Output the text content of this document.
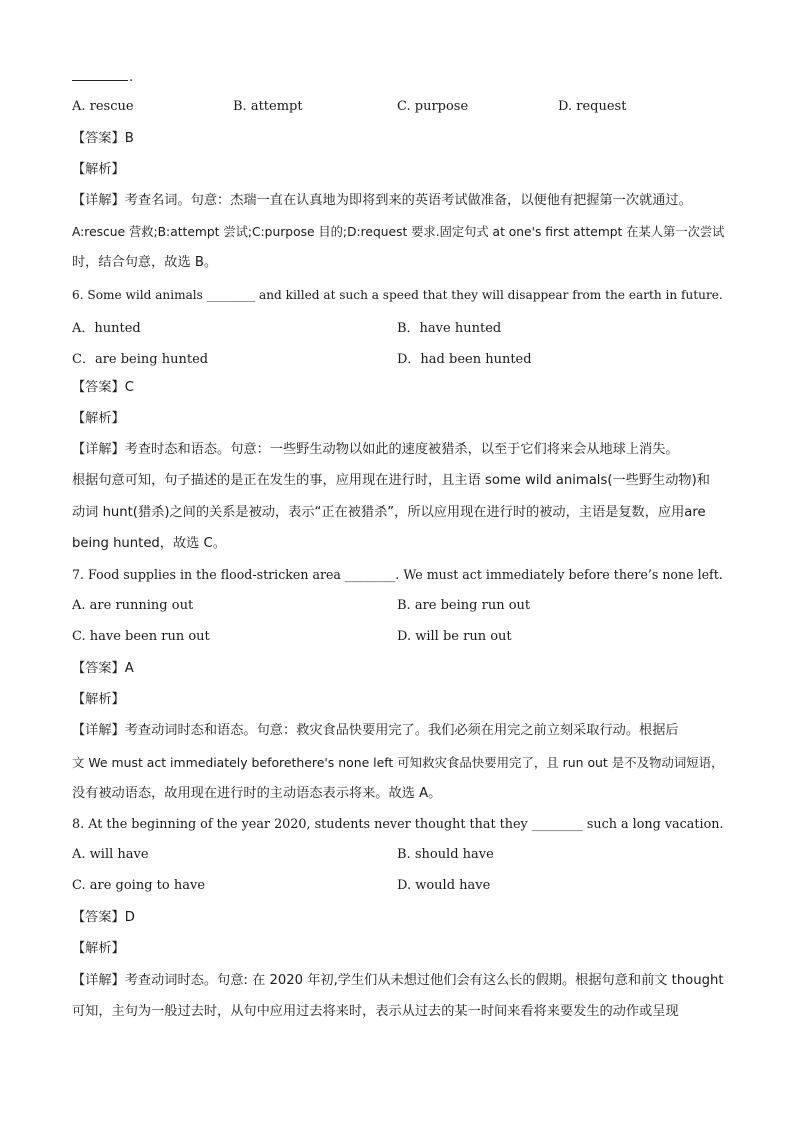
.
A. rescue	B. attempt	C. purpose	D. request
【答案】B
【解析】
【详解】考查名词。句意：杰瑞一直在认真地为即将到来的英语考试做准备，以便他有把握第一次就通过。
A:rescue 营救;B:attempt 尝试;C:purpose 目的;D:request 要求.固定句式 at one's first attempt 在某人第一次尝试
时，结合句意，故选 B。
6. Some wild animals ________ and killed at such a speed that they will disappear from the earth in future.
A．hunted	B．have hunted
C．are being hunted	D．had been hunted
【答案】C
【解析】
【详解】考查时态和语态。句意：一些野生动物以如此的速度被猎杀，以至于它们将来会从地球上消失。
根据句意可知，句子描述的是正在发生的事，应用现在进行时，且主语 some wild animals(一些野生动物)和
动词 hunt(猎杀)之间的关系是被动，表示“正在被猎杀”，所以应用现在进行时的被动，主语是复数，应用are
being hunted，故选 C。
7. Food supplies in the flood-stricken area ________. We must act immediately before there’s none left.
A. are running out	B. are being run out
C. have been run out	D. will be run out
【答案】A
【解析】
【详解】考查动词时态和语态。句意：救灾食品快要用完了。我们必须在用完之前立刻采取行动。根据后
文 We must act immediately beforethere's none left 可知救灾食品快要用完了，且 run out 是不及物动词短语，
没有被动语态，故用现在进行时的主动语态表示将来。故选 A。
8. At the beginning of the year 2020, students never thought that they ________ such a long vacation.
A. will have	B. should have
C. are going to have	D. would have
【答案】D
【解析】
【详解】考查动词时态。句意: 在 2020 年初,学生们从未想过他们会有这么长的假期。根据句意和前文 thought
可知，主句为一般过去时，从句中应用过去将来时，表示从过去的某一时间来看将来要发生的动作或呈现
